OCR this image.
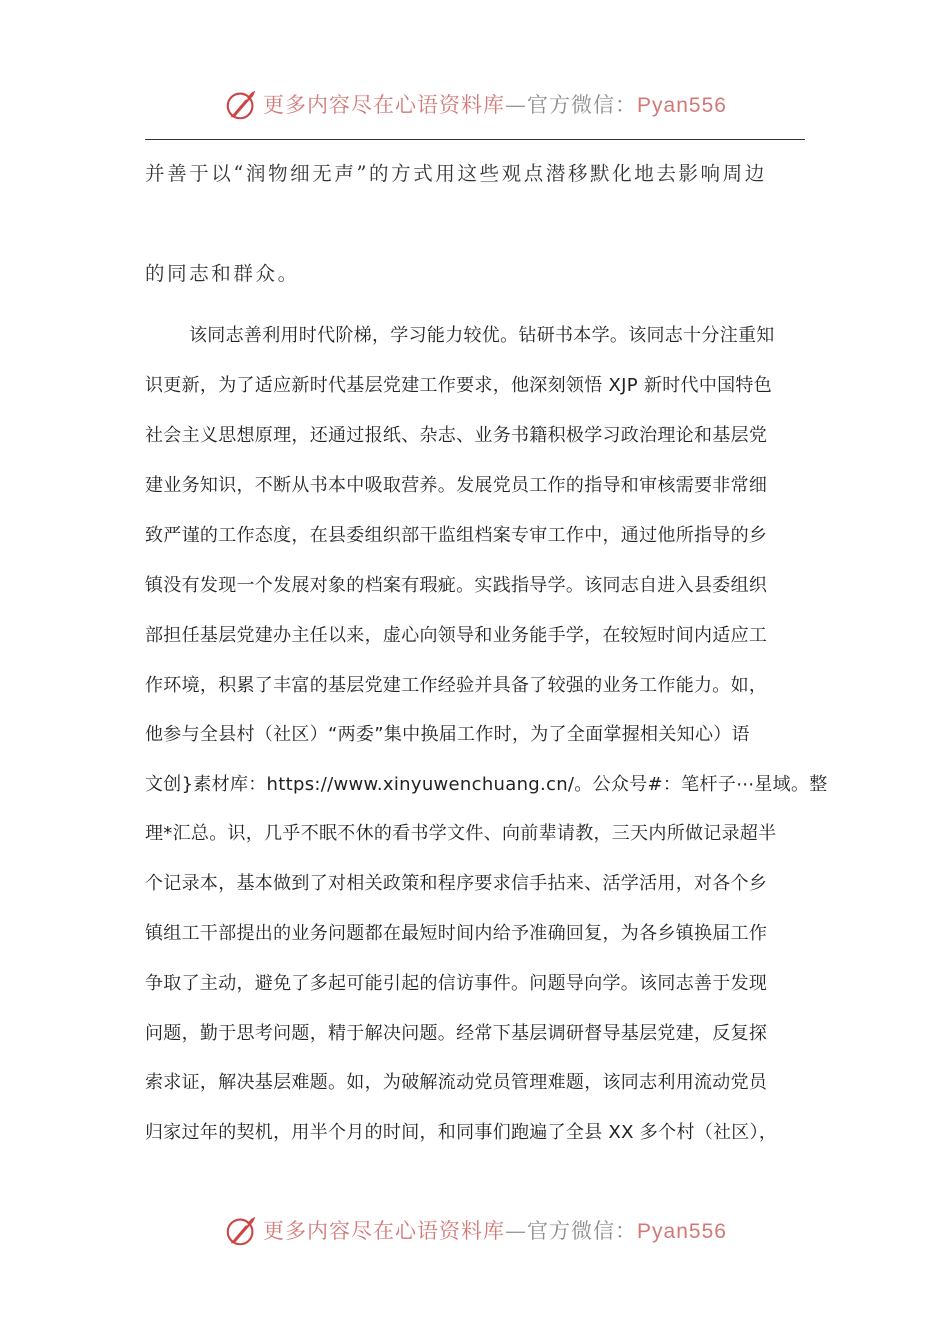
更多内容尽在心语资料库—官方微信：Pyan556
并善于以“润物细无声”的方式用这些观点潜移默化地去影响周边
的同志和群众。
该同志善利用时代阶梯，学习能力较优。钻研书本学。该同志十分注重知
识更新，为了适应新时代基层党建工作要求，他深刻领悟 XJP 新时代中国特色
社会主义思想原理，还通过报纸、杂志、业务书籍积极学习政治理论和基层党
建业务知识，不断从书本中吸取营养。发展党员工作的指导和审核需要非常细
致严谨的工作态度，在县委组织部干监组档案专审工作中，通过他所指导的乡
镇没有发现一个发展对象的档案有瑕疵。实践指导学。该同志自进入县委组织
部担任基层党建办主任以来，虚心向领导和业务能手学，在较短时间内适应工
作环境，积累了丰富的基层党建工作经验并具备了较强的业务工作能力。如，
他参与全县村（社区）“两委”集中换届工作时，为了全面掌握相关知心）语
文创}素材库：https://www.xinyuwenchuang.cn/。公众号#：笔杆子⋯星域。整
理*汇总。识，几乎不眠不休的看书学文件、向前辈请教，三天内所做记录超半
个记录本，基本做到了对相关政策和程序要求信手拈来、活学活用，对各个乡
镇组工干部提出的业务问题都在最短时间内给予准确回复，为各乡镇换届工作
争取了主动，避免了多起可能引起的信访事件。问题导向学。该同志善于发现
问题，勤于思考问题，精于解决问题。经常下基层调研督导基层党建，反复探
索求证，解决基层难题。如，为破解流动党员管理难题，该同志利用流动党员
归家过年的契机，用半个月的时间，和同事们跑遍了全县 XX 多个村（社区），
更多内容尽在心语资料库—官方微信：Pyan556
